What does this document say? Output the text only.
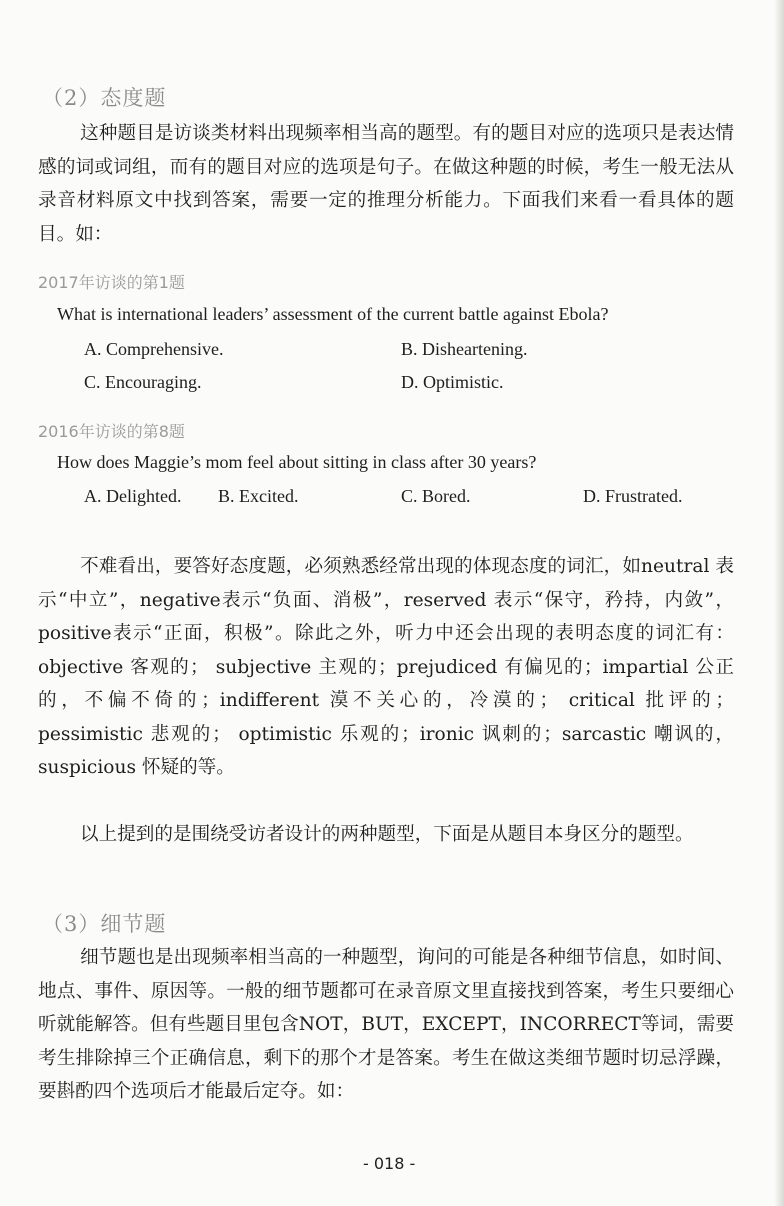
（2）态度题

这种题目是访谈类材料出现频率相当高的题型。有的题目对应的选项只是表达情感的词或词组，而有的题目对应的选项是句子。在做这种题的时候，考生一般无法从录音材料原文中找到答案，需要一定的推理分析能力。下面我们来看一看具体的题目。如：

2017年访谈的第1题
What is international leaders’ assessment of the current battle against Ebola?
A. Comprehensive.	B. Disheartening.
C. Encouraging.	D. Optimistic.
2016年访谈的第8题
How does Maggie’s mom feel about sitting in class after 30 years?
A. Delighted. B. Excited.	C. Bored.	D. Frustrated.

不难看出，要答好态度题，必须熟悉经常出现的体现态度的词汇，如neutral 表示“中立”，negative表示“负面、消极”，reserved 表示“保守，矜持，内敛”，positive表示“正面，积极”。除此之外，听力中还会出现的表明态度的词汇有：objective 客观的； subjective 主观的；prejudiced 有偏见的；impartial 公正的，不偏不倚的；indifferent 漠不关心的，冷漠的； critical 批评的； pessimistic 悲观的； optimistic 乐观的；ironic 讽刺的；sarcastic 嘲讽的，suspicious 怀疑的等。

以上提到的是围绕受访者设计的两种题型，下面是从题目本身区分的题型。

（3）细节题

细节题也是出现频率相当高的一种题型，询问的可能是各种细节信息，如时间、地点、事件、原因等。一般的细节题都可在录音原文里直接找到答案，考生只要细心听就能解答。但有些题目里包含NOT，BUT，EXCEPT，INCORRECT等词，需要考生排除掉三个正确信息，剩下的那个才是答案。考生在做这类细节题时切忌浮躁，要斟酌四个选项后才能最后定夺。如：

- 018 -
